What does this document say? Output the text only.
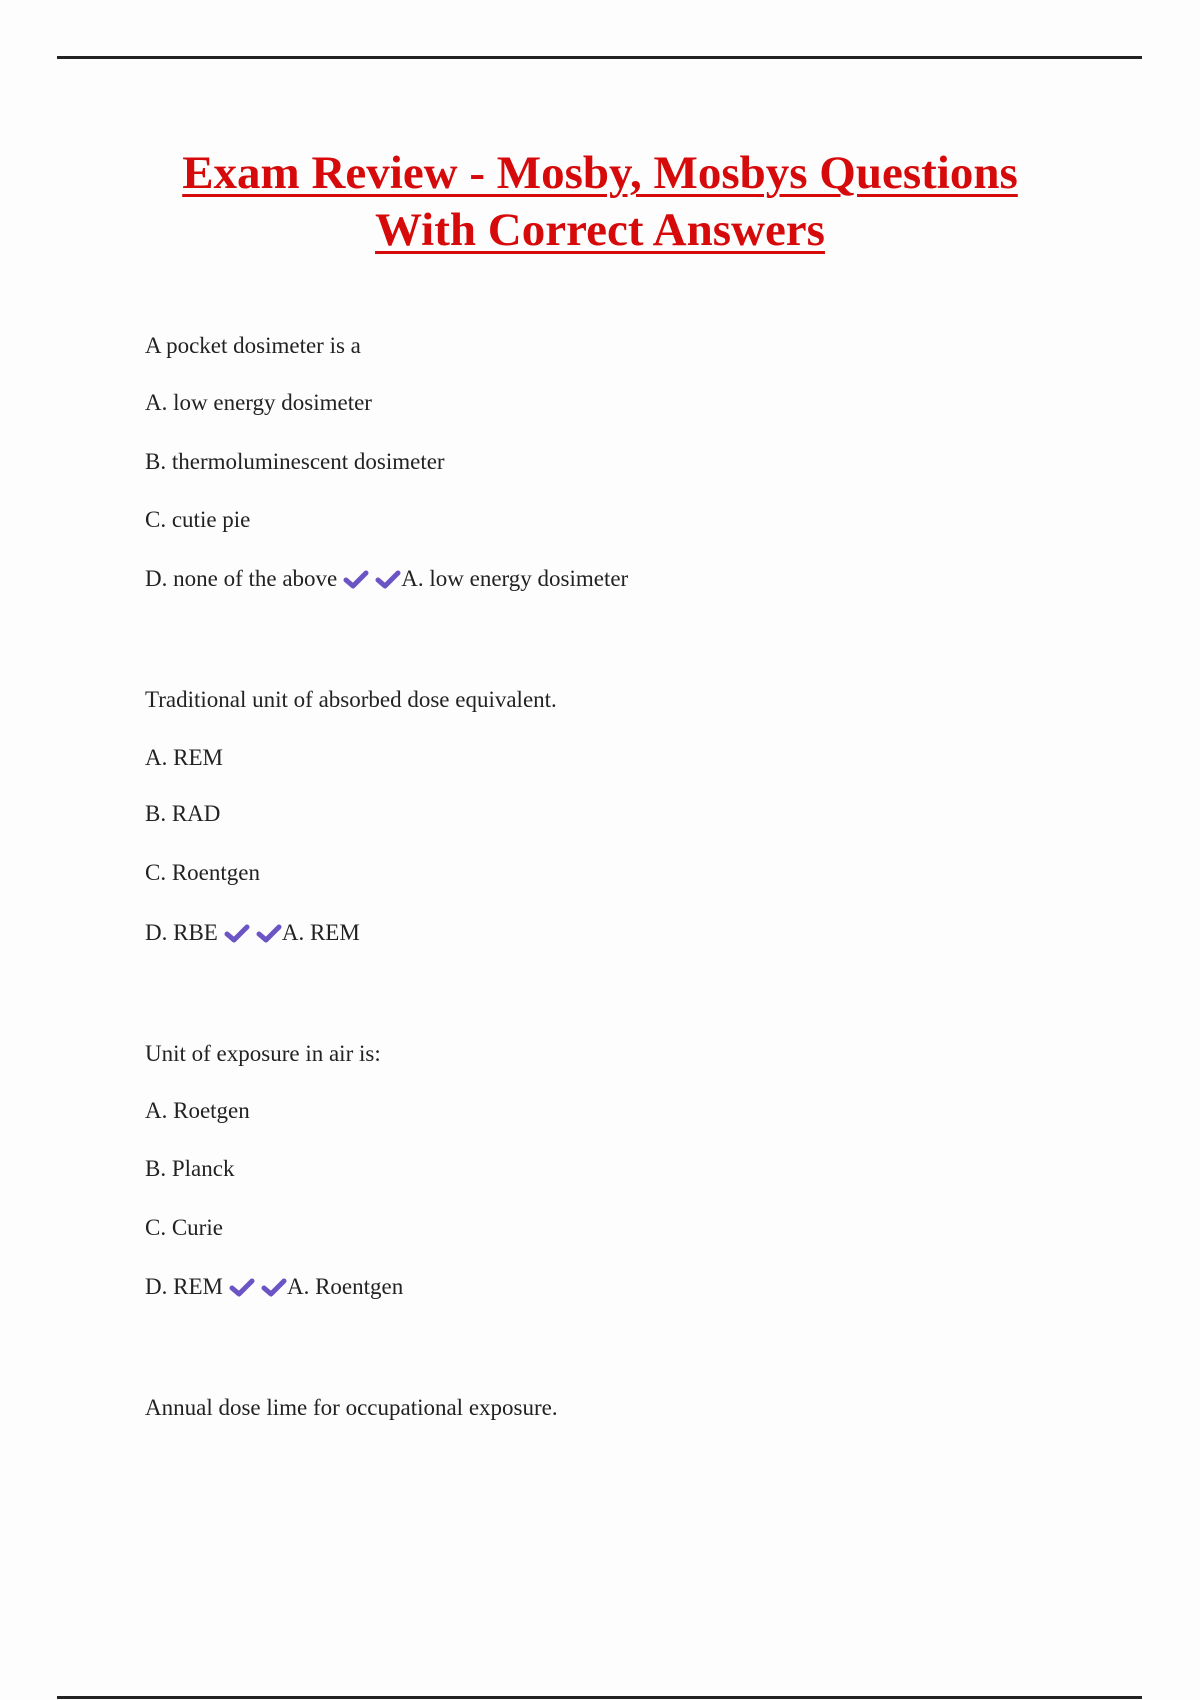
Exam Review - Mosby, Mosbys Questions
With Correct Answers
A pocket dosimeter is a
A. low energy dosimeter
B. thermoluminescent dosimeter
C. cutie pie
D. none of the above	A. low energy dosimeter
Traditional unit of absorbed dose equivalent.
A. REM
B. RAD
C. Roentgen
D. RBE	A. REM
Unit of exposure in air is:
A. Roetgen
B. Planck
C. Curie
D. REM	A. Roentgen
Annual dose lime for occupational exposure.
